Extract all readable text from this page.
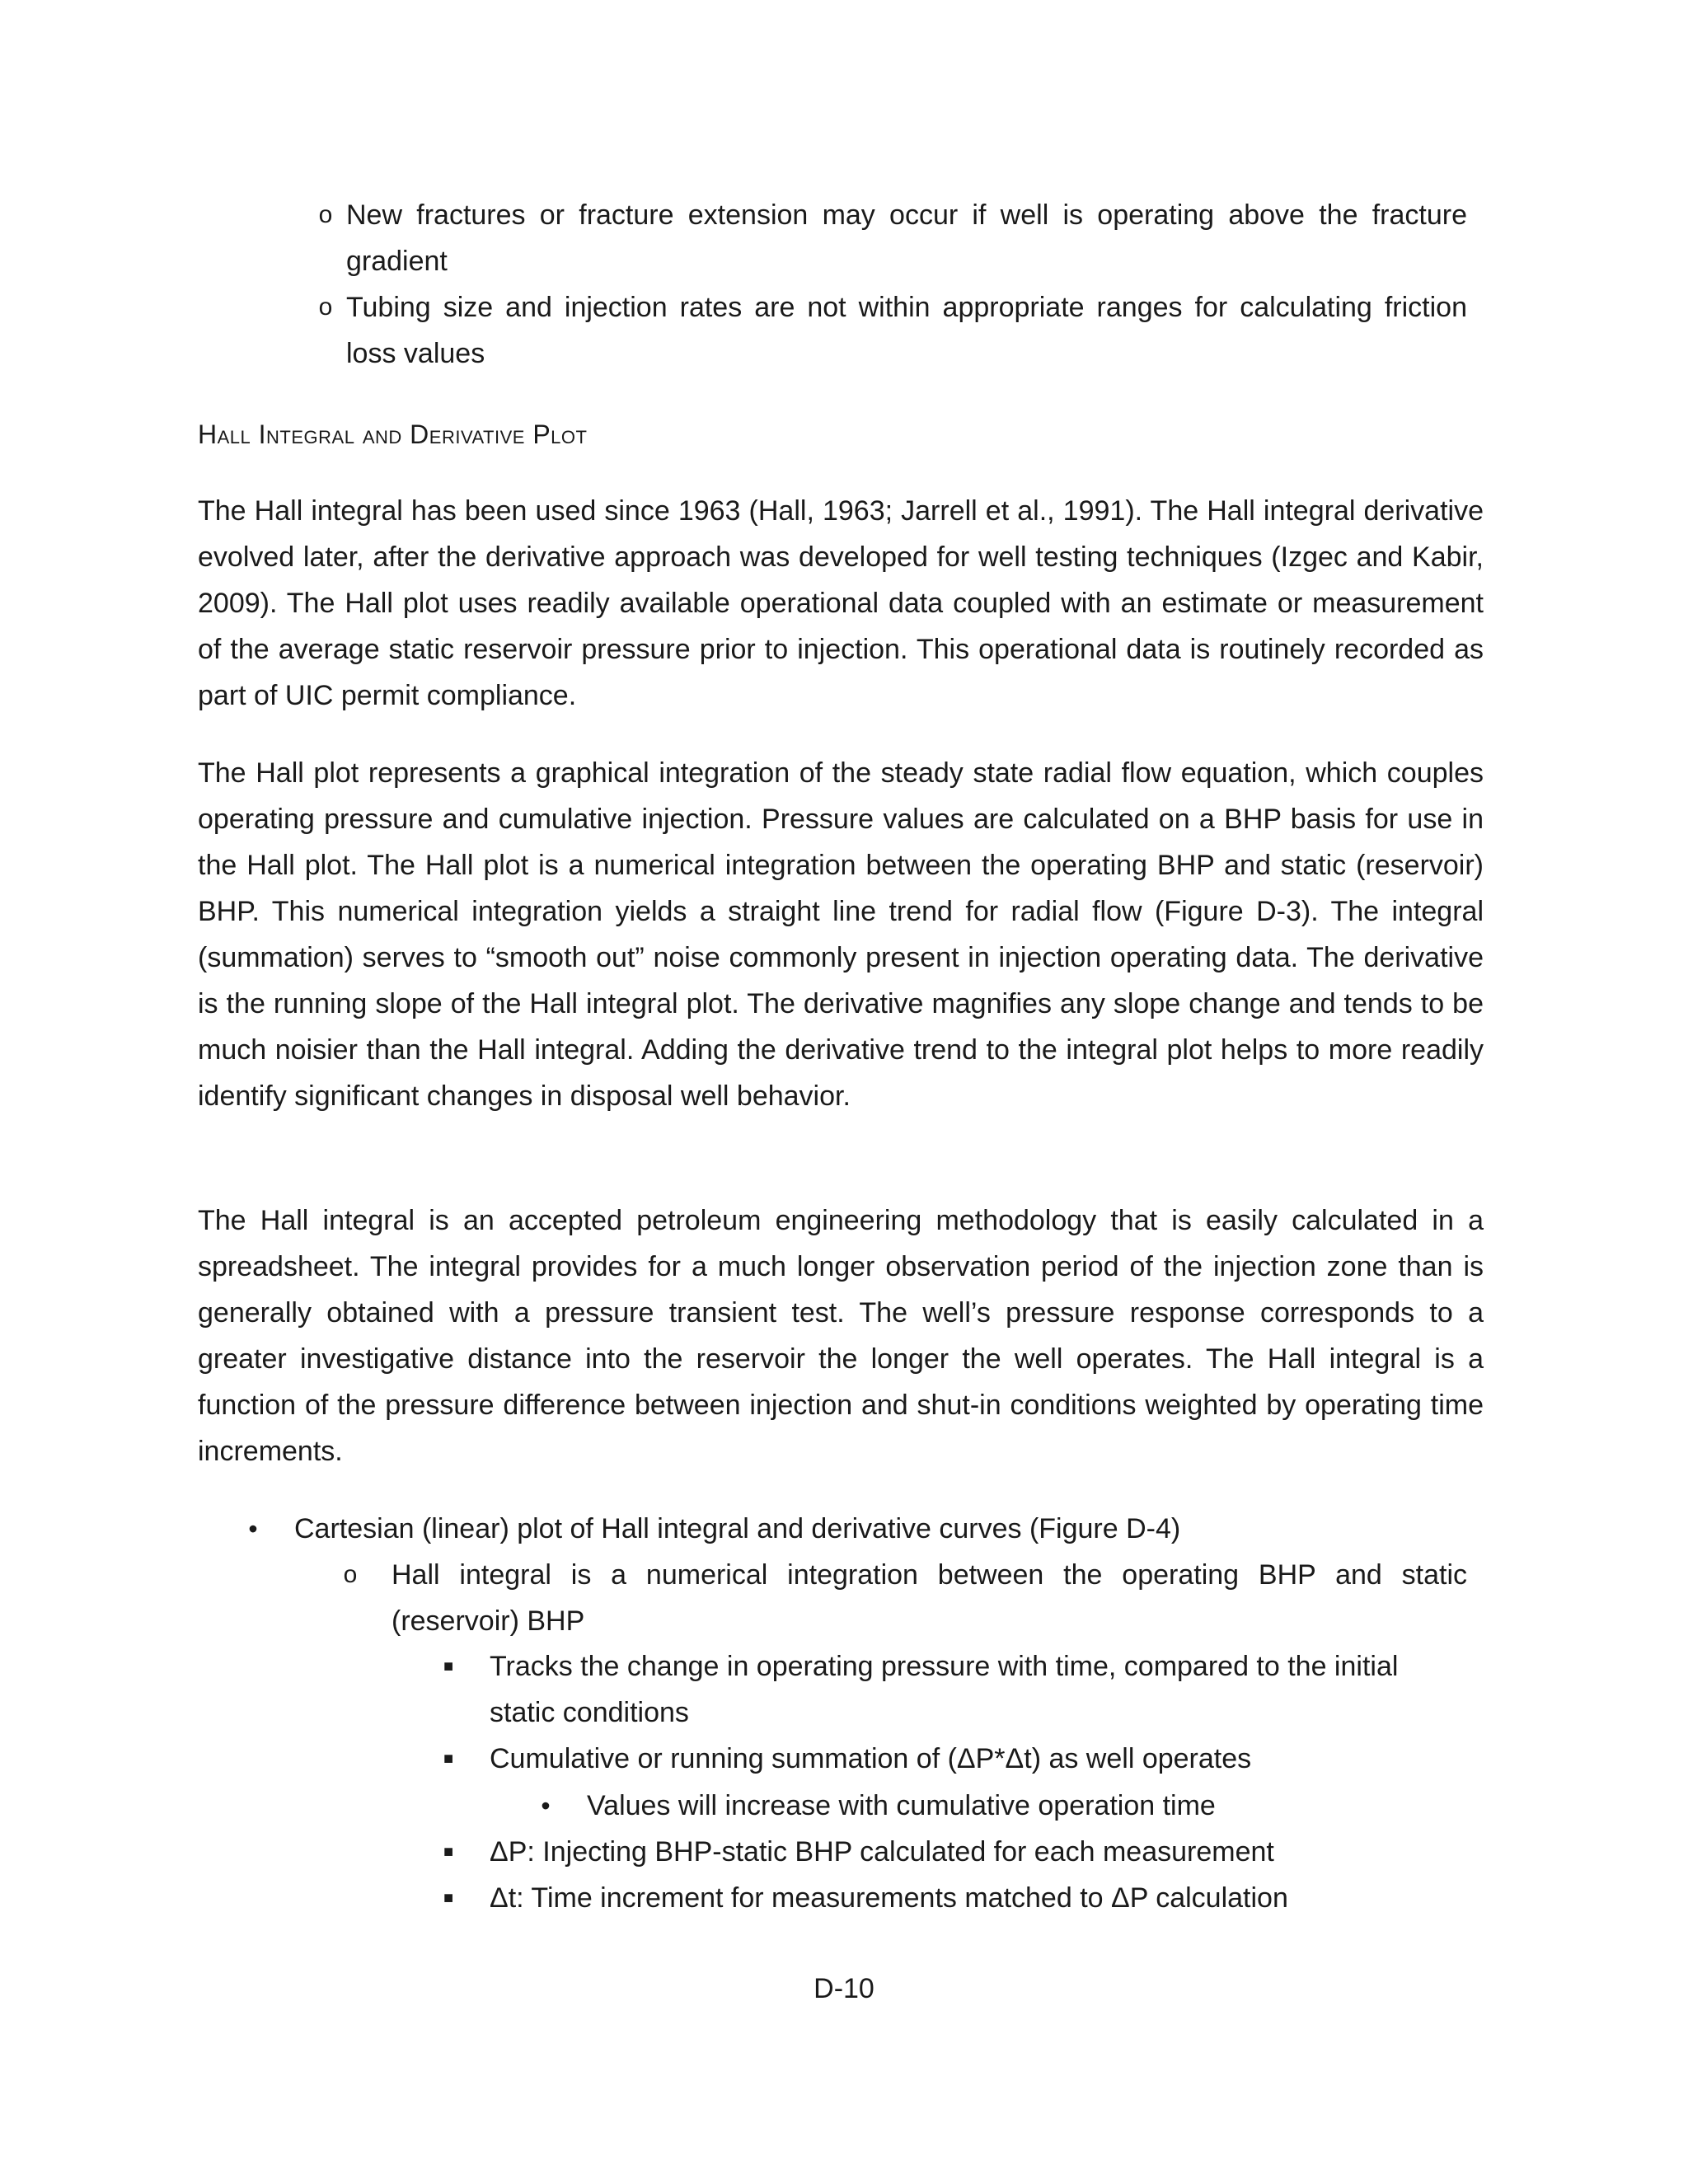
o New fractures or fracture extension may occur if well is operating above the fracture gradient
o Tubing size and injection rates are not within appropriate ranges for calculating friction loss values
Hall Integral and Derivative Plot
The Hall integral has been used since 1963 (Hall, 1963; Jarrell et al., 1991). The Hall integral derivative evolved later, after the derivative approach was developed for well testing techniques (Izgec and Kabir, 2009). The Hall plot uses readily available operational data coupled with an estimate or measurement of the average static reservoir pressure prior to injection. This operational data is routinely recorded as part of UIC permit compliance.
The Hall plot represents a graphical integration of the steady state radial flow equation, which couples operating pressure and cumulative injection. Pressure values are calculated on a BHP basis for use in the Hall plot. The Hall plot is a numerical integration between the operating BHP and static (reservoir) BHP. This numerical integration yields a straight line trend for radial flow (Figure D-3). The integral (summation) serves to “smooth out” noise commonly present in injection operating data. The derivative is the running slope of the Hall integral plot. The derivative magnifies any slope change and tends to be much noisier than the Hall integral. Adding the derivative trend to the integral plot helps to more readily identify significant changes in disposal well behavior.
The Hall integral is an accepted petroleum engineering methodology that is easily calculated in a spreadsheet. The integral provides for a much longer observation period of the injection zone than is generally obtained with a pressure transient test. The well’s pressure response corresponds to a greater investigative distance into the reservoir the longer the well operates. The Hall integral is a function of the pressure difference between injection and shut-in conditions weighted by operating time increments.
•	Cartesian (linear) plot of Hall integral and derivative curves (Figure D-4)
o	Hall integral is a numerical integration between the operating BHP and static (reservoir) BHP
■	Tracks the change in operating pressure with time, compared to the initial static conditions
■	Cumulative or running summation of (ΔP*Δt) as well operates
•	Values will increase with cumulative operation time
■	ΔP: Injecting BHP-static BHP calculated for each measurement
■	Δt: Time increment for measurements matched to ΔP calculation
D-10
